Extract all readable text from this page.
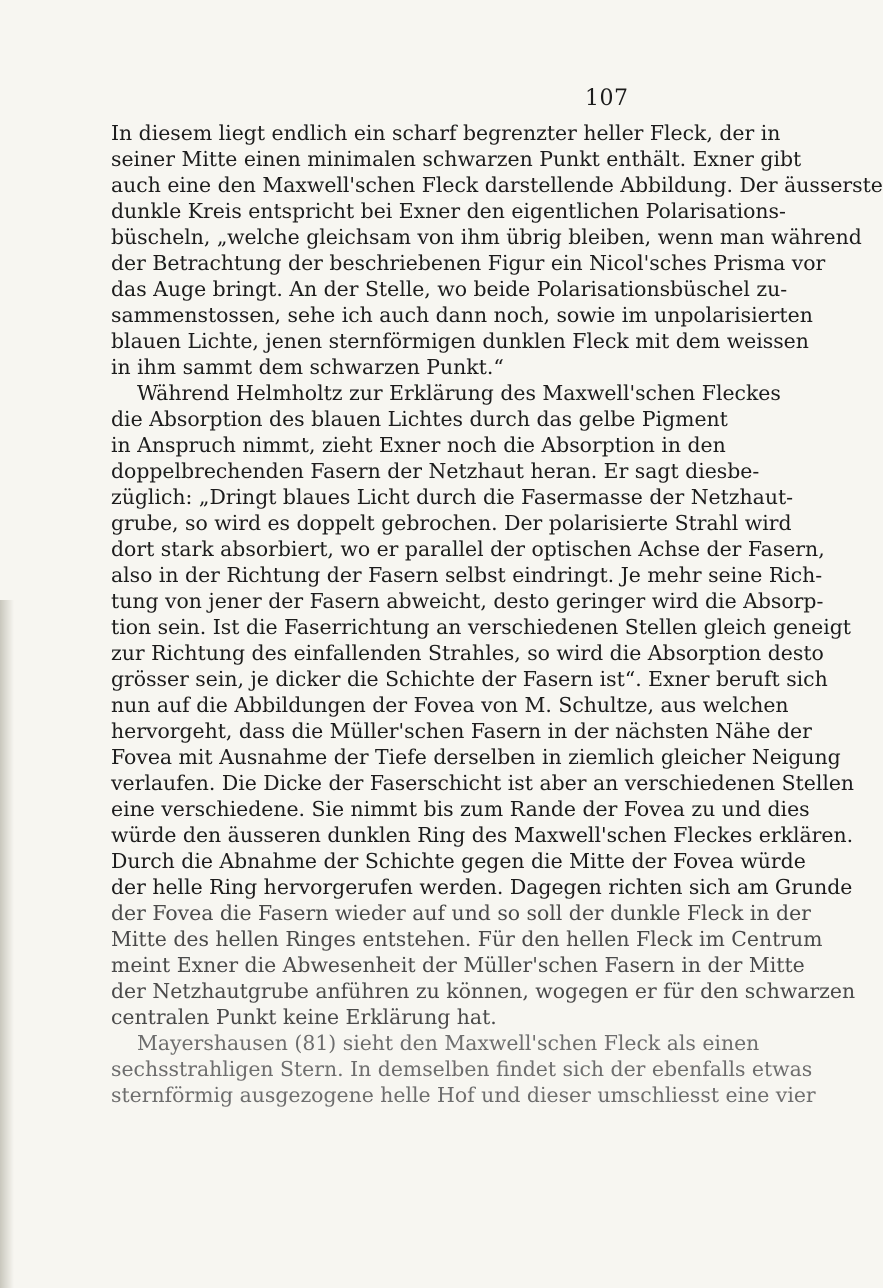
107
In diesem liegt endlich ein scharf begrenzter heller Fleck, der in
seiner Mitte einen minimalen schwarzen Punkt enthält. Exner gibt
auch eine den Maxwell'schen Fleck darstellende Abbildung. Der äusserste
dunkle Kreis entspricht bei Exner den eigentlichen Polarisations-
büscheln, „welche gleichsam von ihm übrig bleiben, wenn man während
der Betrachtung der beschriebenen Figur ein Nicol'sches Prisma vor
das Auge bringt. An der Stelle, wo beide Polarisationsbüschel zu-
sammenstossen, sehe ich auch dann noch, sowie im unpolarisierten
blauen Lichte, jenen sternförmigen dunklen Fleck mit dem weissen
in ihm sammt dem schwarzen Punkt.“
Während Helmholtz zur Erklärung des Maxwell'schen Fleckes
die Absorption des blauen Lichtes durch das gelbe Pigment
in Anspruch nimmt, zieht Exner noch die Absorption in den
doppelbrechenden Fasern der Netzhaut heran. Er sagt diesbe-
züglich: „Dringt blaues Licht durch die Fasermasse der Netzhaut-
grube, so wird es doppelt gebrochen. Der polarisierte Strahl wird
dort stark absorbiert, wo er parallel der optischen Achse der Fasern,
also in der Richtung der Fasern selbst eindringt. Je mehr seine Rich-
tung von jener der Fasern abweicht, desto geringer wird die Absorp-
tion sein. Ist die Faserrichtung an verschiedenen Stellen gleich geneigt
zur Richtung des einfallenden Strahles, so wird die Absorption desto
grösser sein, je dicker die Schichte der Fasern ist“. Exner beruft sich
nun auf die Abbildungen der Fovea von M. Schultze, aus welchen
hervorgeht, dass die Müller'schen Fasern in der nächsten Nähe der
Fovea mit Ausnahme der Tiefe derselben in ziemlich gleicher Neigung
verlaufen. Die Dicke der Faserschicht ist aber an verschiedenen Stellen
eine verschiedene. Sie nimmt bis zum Rande der Fovea zu und dies
würde den äusseren dunklen Ring des Maxwell'schen Fleckes erklären.
Durch die Abnahme der Schichte gegen die Mitte der Fovea würde
der helle Ring hervorgerufen werden. Dagegen richten sich am Grunde
der Fovea die Fasern wieder auf und so soll der dunkle Fleck in der
Mitte des hellen Ringes entstehen. Für den hellen Fleck im Centrum
meint Exner die Abwesenheit der Müller'schen Fasern in der Mitte
der Netzhautgrube anführen zu können, wogegen er für den schwarzen
centralen Punkt keine Erklärung hat.
Mayershausen (81) sieht den Maxwell'schen Fleck als einen
sechsstrahligen Stern. In demselben findet sich der ebenfalls etwas
sternförmig ausgezogene helle Hof und dieser umschliesst eine vier
